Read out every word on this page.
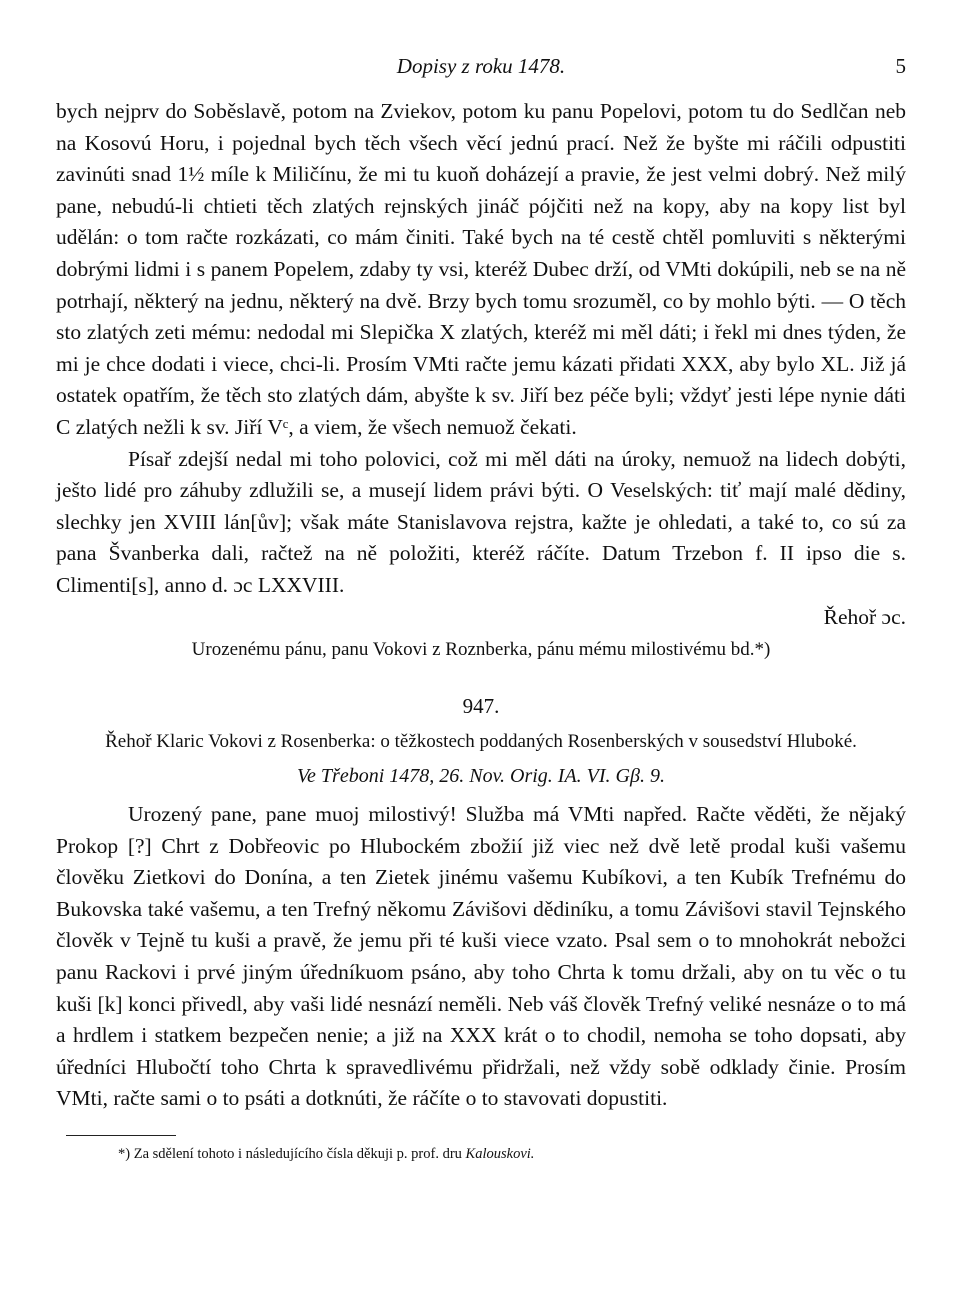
Dopisy z roku 1478.	5

bych nejprv do Soběslavě, potom na Zviekov, potom ku panu Popelovi, potom tu do Sedlčan neb na Kosovú Horu, i pojednal bych těch všech věcí jednú prací. Než že byšte mi ráčili odpustiti zavinúti snad 1½ míle k Miličínu, že mi tu kuoň doházejí a pravie, že jest velmi dobrý. Než milý pane, nebudú-li chtieti těch zlatých rejnských jináč pójčiti než na kopy, aby na kopy list byl udělán: o tom račte rozkázati, co mám činiti. Také bych na té cestě chtěl pomluviti s některými dobrými lidmi i s panem Popelem, zdaby ty vsi, kteréž Dubec drží, od VMti dokúpili, neb se na ně potrhají, některý na jednu, některý na dvě. Brzy bych tomu srozuměl, co by mohlo býti. — O těch sto zlatých zeti mému: nedodal mi Slepička X zlatých, kteréž mi měl dáti; i řekl mi dnes týden, že mi je chce dodati i viece, chci-li. Prosím VMti račte jemu kázati přidati XXX, aby bylo XL. Již já ostatek opatřím, že těch sto zlatých dám, abyšte k sv. Jiří bez péče byli; vždyť jesti lépe nynie dáti C zlatých nežli k sv. Jiří Vᶜ, a viem, že všech nemuož čekati.

Písař zdejší nedal mi toho polovici, což mi měl dáti na úroky, nemuož na lidech dobýti, ješto lidé pro záhuby zdlužili se, a musejí lidem právi býti. O Veselských: tiť mají malé dědiny, slechky jen XVIII lán[ův]; však máte Stanislavova rejstra, kažte je ohledati, a také to, co sú za pana Švanberka dali, račtež na ně položiti, kteréž ráčíte. Datum Trzebon f. II ipso die s. Climenti[s], anno d. ɔc LXXVIII.

Řehoř ɔc.

Urozenému pánu, panu Vokovi z Roznberka, pánu mému milostivému bd.*)
947.
Řehoř Klaric Vokovi z Rosenberka: o těžkostech poddaných Rosenberských v sousedství Hluboké.
Ve Třeboni 1478, 26. Nov. Orig. IA. VI. Gβ. 9.

Urozený pane, pane muoj milostivý! Služba má VMti napřed. Račte věděti, že nějaký Prokop [?] Chrt z Dobřeovic po Hlubockém zbožií již viec než dvě letě prodal kuši vašemu člověku Zietkovi do Donína, a ten Zietek jinému vašemu Kubíkovi, a ten Kubík Trefnému do Bukovska také vašemu, a ten Trefný někomu Závišovi dědiníku, a tomu Závišovi stavil Tejnského člověk v Tejně tu kuši a pravě, že jemu při té kuši viece vzato. Psal sem o to mnohokrát nebožci panu Rackovi i prvé jiným úředníkuom psáno, aby toho Chrta k tomu držali, aby on tu věc o tu kuši [k] konci přivedl, aby vaši lidé nesnází neměli. Neb váš člověk Trefný veliké nesnáze o to má a hrdlem i statkem bezpečen nenie; a již na XXX krát o to chodil, nemoha se toho dopsati, aby úředníci Hlubočtí toho Chrta k spravedlivému přidržali, než vždy sobě odklady činie. Prosím VMti, račte sami o to psáti a dotknúti, že ráčíte o to stavovati dopustiti.

*) Za sdělení tohoto i následujícího čísla děkuji p. prof. dru Kalouskovi.
